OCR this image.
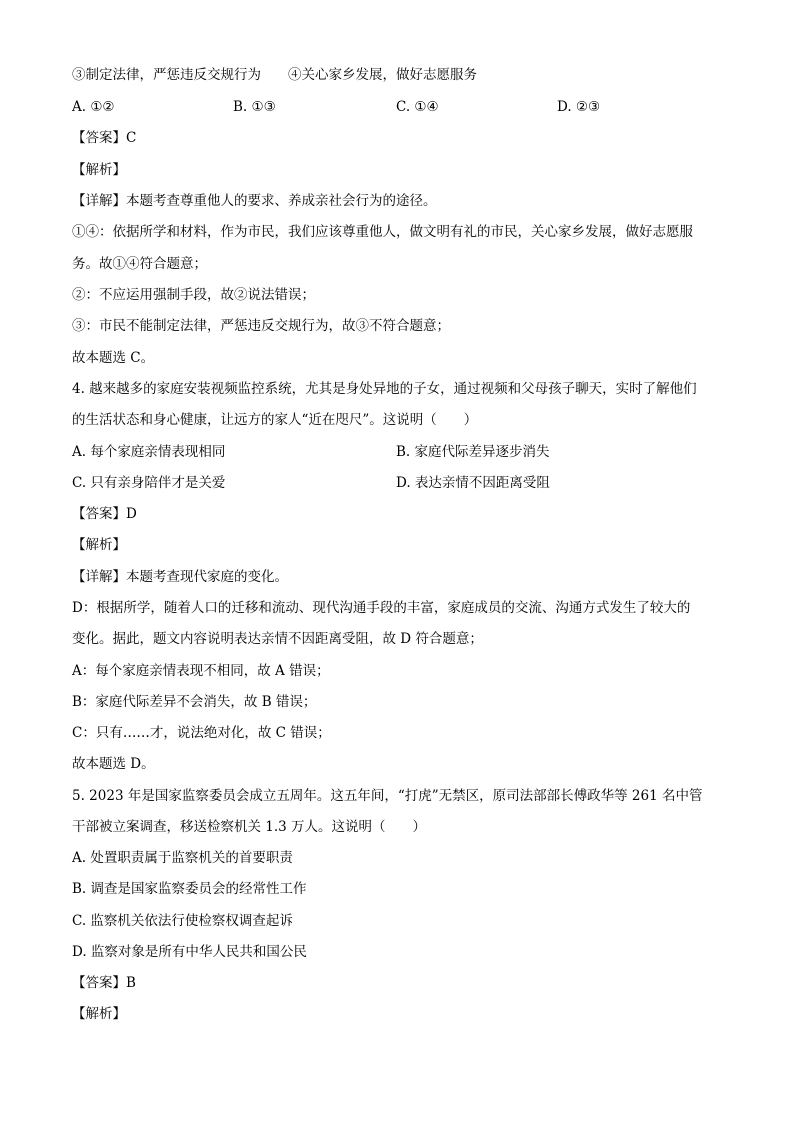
③制定法律，严惩违反交规行为　　④关心家乡发展，做好志愿服务
A. ①②	B. ①③	C. ①④	D. ②③
【答案】C
【解析】
【详解】本题考查尊重他人的要求、养成亲社会行为的途径。
①④：依据所学和材料，作为市民，我们应该尊重他人，做文明有礼的市民，关心家乡发展，做好志愿服
务。故①④符合题意；
②：不应运用强制手段，故②说法错误；
③：市民不能制定法律，严惩违反交规行为，故③不符合题意；
故本题选 C。
4. 越来越多的家庭安装视频监控系统，尤其是身处异地的子女，通过视频和父母孩子聊天，实时了解他们
的生活状态和身心健康，让远方的家人“近在咫尺”。这说明（　　）
A. 每个家庭亲情表现相同	B. 家庭代际差异逐步消失
C. 只有亲身陪伴才是关爱	D. 表达亲情不因距离受阻
【答案】D
【解析】
【详解】本题考查现代家庭的变化。
D：根据所学，随着人口的迁移和流动、现代沟通手段的丰富，家庭成员的交流、沟通方式发生了较大的
变化。据此，题文内容说明表达亲情不因距离受阻，故 D 符合题意；
A：每个家庭亲情表现不相同，故 A 错误；
B：家庭代际差异不会消失，故 B 错误；
C：只有……才，说法绝对化，故 C 错误；
故本题选 D。
5. 2023 年是国家监察委员会成立五周年。这五年间，“打虎”无禁区，原司法部部长傅政华等 261 名中管
干部被立案调查，移送检察机关 1.3 万人。这说明（　　）
A. 处置职责属于监察机关的首要职责
B. 调查是国家监察委员会的经常性工作
C. 监察机关依法行使检察权调查起诉
D. 监察对象是所有中华人民共和国公民
【答案】B
【解析】
